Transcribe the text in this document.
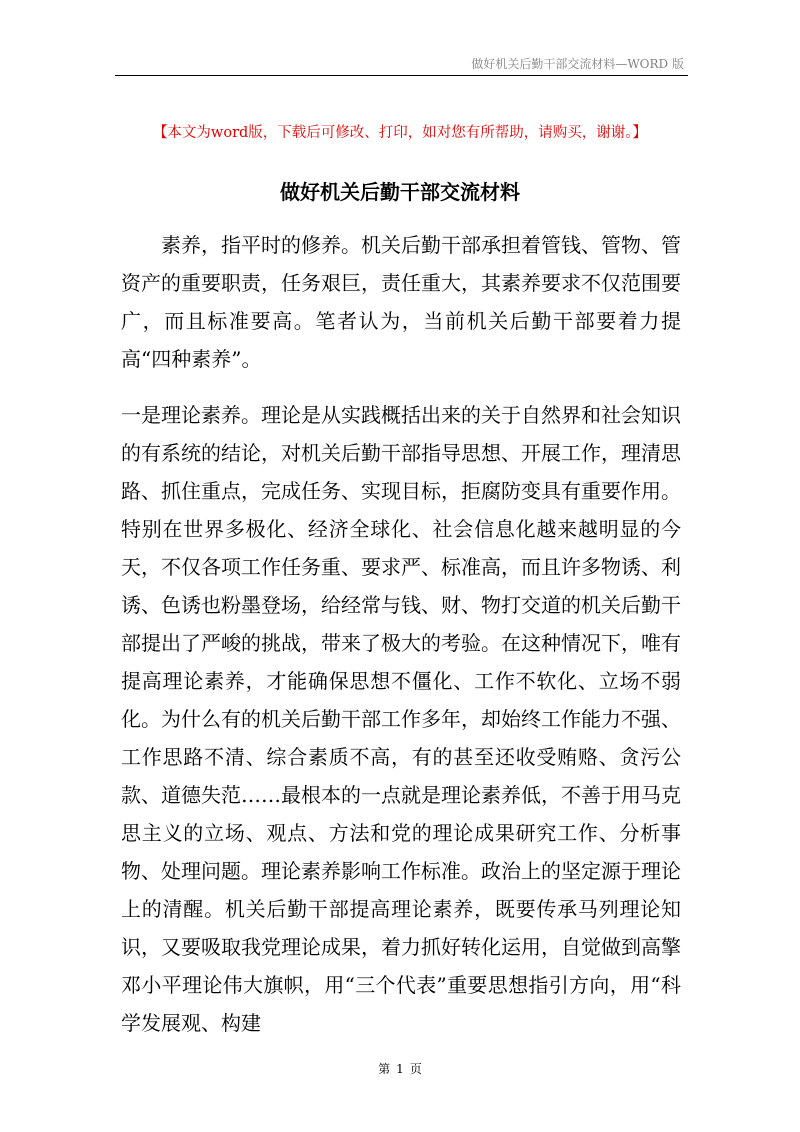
做好机关后勤干部交流材料—WORD 版
【本文为word版，下载后可修改、打印，如对您有所帮助，请购买，谢谢。】
做好机关后勤干部交流材料

素养，指平时的修养。机关后勤干部承担着管钱、管物、管资产的重要职责，任务艰巨，责任重大，其素养要求不仅范围要广，而且标准要高。笔者认为，当前机关后勤干部要着力提高“四种素养”。

一是理论素养。理论是从实践概括出来的关于自然界和社会知识的有系统的结论，对机关后勤干部指导思想、开展工作，理清思路、抓住重点，完成任务、实现目标，拒腐防变具有重要作用。特别在世界多极化、经济全球化、社会信息化越来越明显的今天，不仅各项工作任务重、要求严、标准高，而且许多物诱、利诱、色诱也粉墨登场，给经常与钱、财、物打交道的机关后勤干部提出了严峻的挑战，带来了极大的考验。在这种情况下，唯有提高理论素养，才能确保思想不僵化、工作不软化、立场不弱化。为什么有的机关后勤干部工作多年，却始终工作能力不强、工作思路不清、综合素质不高，有的甚至还收受贿赂、贪污公款、道德失范……最根本的一点就是理论素养低，不善于用马克思主义的立场、观点、方法和党的理论成果研究工作、分析事物、处理问题。理论素养影响工作标准。政治上的坚定源于理论上的清醒。机关后勤干部提高理论素养，既要传承马列理论知识，又要吸取我党理论成果，着力抓好转化运用，自觉做到高擎邓小平理论伟大旗帜，用“三个代表”重要思想指引方向，用“科学发展观、构建

第 1 页
